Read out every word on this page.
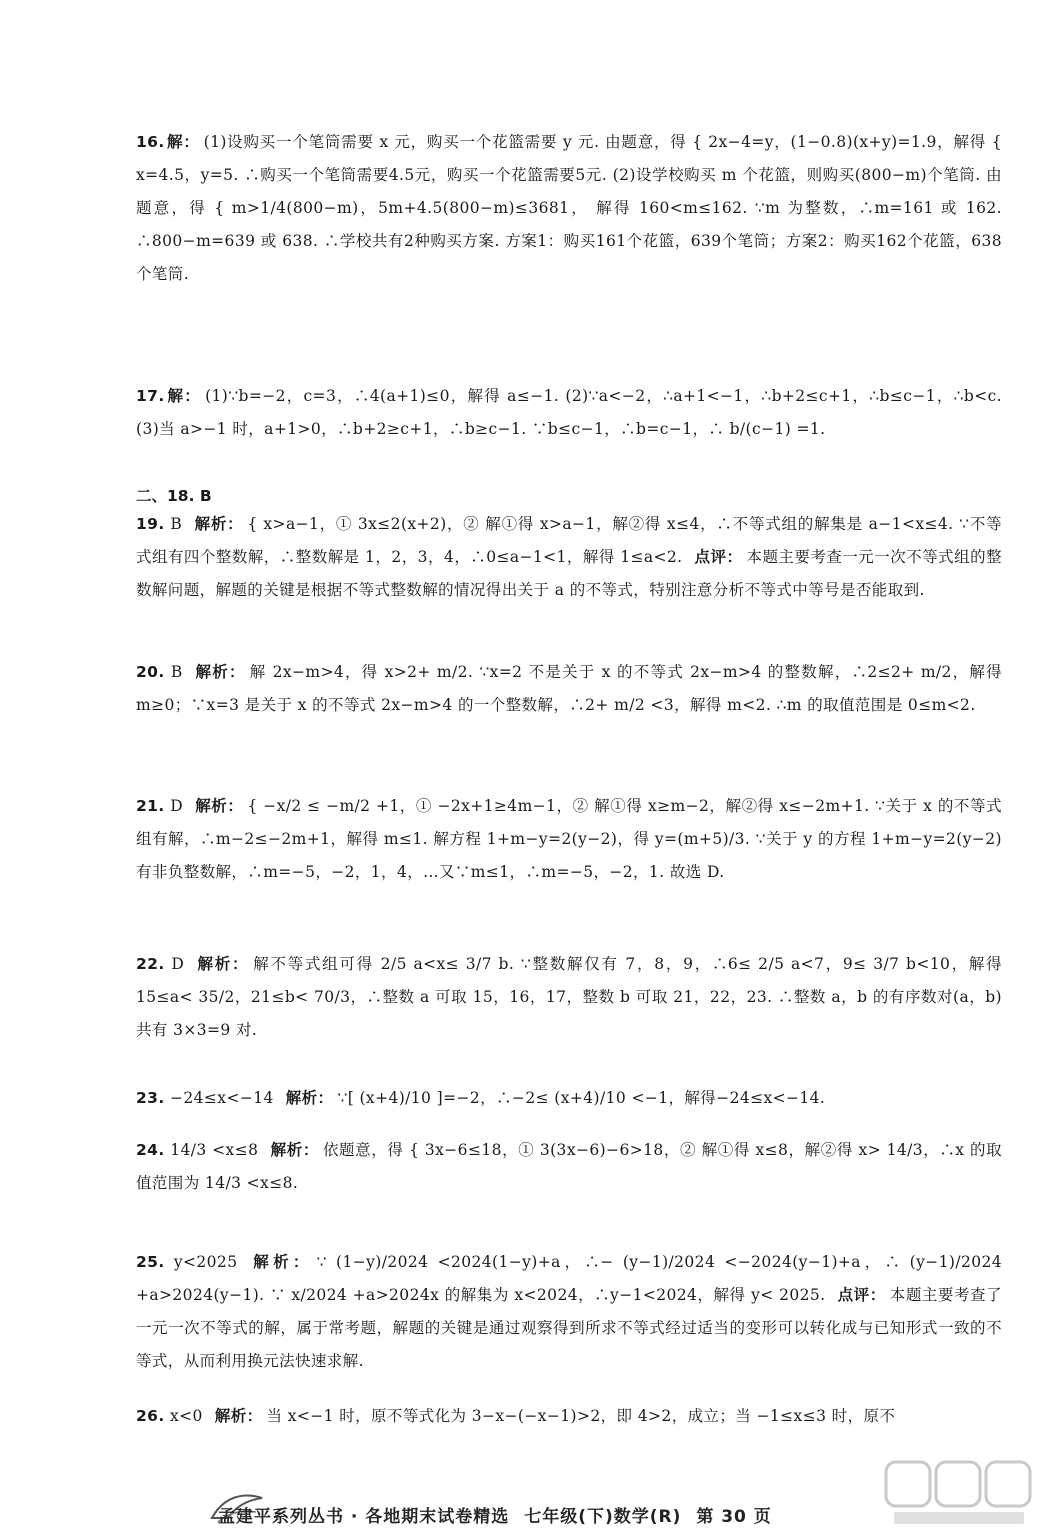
16. 解： (1)设购买一个笔筒需要 x 元，购买一个花篮需要 y 元. 由题意，得 { 2x−4=y，(1−0.8)(x+y)=1.9，解得 { x=4.5，y=5. ∴购买一个笔筒需要4.5元，购买一个花篮需要5元. (2)设学校购买 m 个花篮，则购买(800−m)个笔筒. 由题意，得 { m>1/4(800−m)，5m+4.5(800−m)≤3681， 解得 160<m≤162. ∵m 为整数，∴m=161 或 162. ∴800−m=639 或 638. ∴学校共有2种购买方案. 方案1：购买161个花篮，639个笔筒；方案2：购买162个花篮，638个笔筒.
17. 解： (1)∵b=−2，c=3，∴4(a+1)≤0，解得 a≤−1. (2)∵a<−2，∴a+1<−1，∴b+2≤c+1，∴b≤c−1，∴b<c. (3)当 a>−1 时，a+1>0，∴b+2≥c+1，∴b≥c−1. ∵b≤c−1，∴b=c−1，∴ b/(c−1) =1.
二、18. B
19. B 解析： { x>a−1，① 3x≤2(x+2)，② 解①得 x>a−1，解②得 x≤4，∴不等式组的解集是 a−1<x≤4. ∵不等式组有四个整数解，∴整数解是 1，2，3，4，∴0≤a−1<1，解得 1≤a<2. 点评： 本题主要考查一元一次不等式组的整数解问题，解题的关键是根据不等式整数解的情况得出关于 a 的不等式，特别注意分析不等式中等号是否能取到.
20. B 解析： 解 2x−m>4，得 x>2+ m/2. ∵x=2 不是关于 x 的不等式 2x−m>4 的整数解，∴2≤2+ m/2，解得 m≥0；∵x=3 是关于 x 的不等式 2x−m>4 的一个整数解，∴2+ m/2 <3，解得 m<2. ∴m 的取值范围是 0≤m<2.
21. D 解析： { −x/2 ≤ −m/2 +1，① −2x+1≥4m−1，② 解①得 x≥m−2，解②得 x≤−2m+1. ∵关于 x 的不等式组有解，∴m−2≤−2m+1，解得 m≤1. 解方程 1+m−y=2(y−2)，得 y=(m+5)/3. ∵关于 y 的方程 1+m−y=2(y−2)有非负整数解，∴m=−5，−2，1，4，…又∵m≤1，∴m=−5，−2，1. 故选 D.
22. D 解析： 解不等式组可得 2/5 a<x≤ 3/7 b. ∵整数解仅有 7，8，9，∴6≤ 2/5 a<7，9≤ 3/7 b<10，解得 15≤a< 35/2，21≤b< 70/3，∴整数 a 可取 15，16，17，整数 b 可取 21，22，23. ∴整数 a，b 的有序数对(a，b)共有 3×3=9 对.
23. −24≤x<−14 解析： ∵[ (x+4)/10 ]=−2，∴−2≤ (x+4)/10 <−1，解得−24≤x<−14.
24. 14/3 <x≤8 解析： 依题意，得 { 3x−6≤18，① 3(3x−6)−6>18，② 解①得 x≤8，解②得 x> 14/3，∴x 的取值范围为 14/3 <x≤8.
25. y<2025 解析： ∵ (1−y)/2024 <2024(1−y)+a，∴− (y−1)/2024 <−2024(y−1)+a，∴ (y−1)/2024 +a>2024(y−1). ∵ x/2024 +a>2024x 的解集为 x<2024，∴y−1<2024，解得 y< 2025. 点评： 本题主要考查了一元一次不等式的解，属于常考题，解题的关键是通过观察得到所求不等式经过适当的变形可以转化成与已知形式一致的不等式，从而利用换元法快速求解.
26. x<0 解析： 当 x<−1 时，原不等式化为 3−x−(−x−1)>2，即 4>2，成立；当 −1≤x≤3 时，原不
孟建平系列丛书 · 各地期末试卷精选 七年级(下)数学(R) 第 30 页
